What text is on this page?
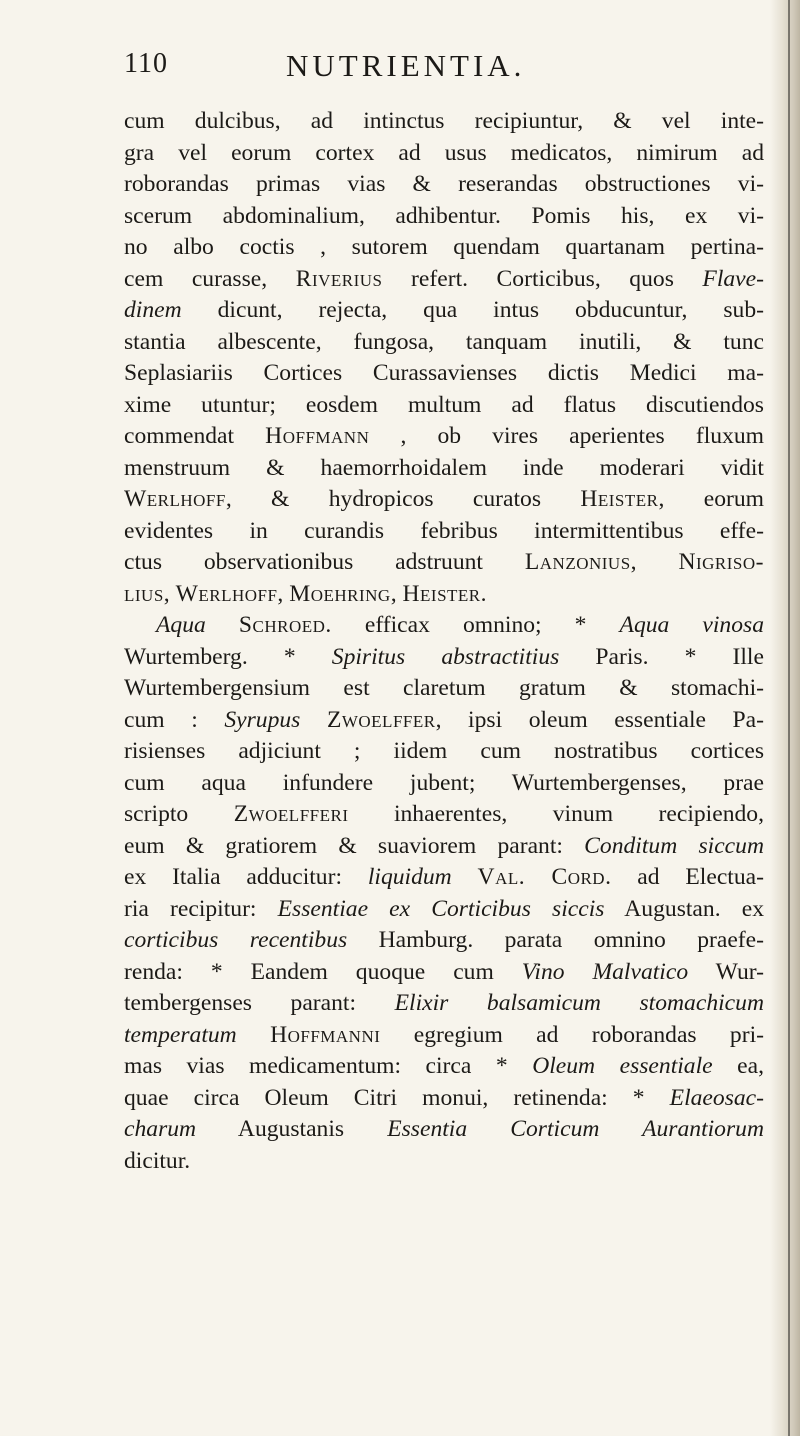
110	NUTRIENTIA.
cum dulcibus, ad intinctus recipiuntur, & vel inte-
gra vel eorum cortex ad usus medicatos, nimirum ad
roborandas primas vias & reserandas obstructiones vi-
scerum abdominalium, adhibentur. Pomis his, ex vi-
no albo coctis , sutorem quendam quartanam pertina-
cem curasse, Riverius refert. Corticibus, quos Flave-
dinem dicunt, rejecta, qua intus obducuntur, sub-
stantia albescente, fungosa, tanquam inutili, & tunc
Seplasiariis Cortices Curassavienses dictis Medici ma-
xime utuntur; eosdem multum ad flatus discutiendos
commendat Hoffmann , ob vires aperientes fluxum
menstruum & haemorrhoidalem inde moderari vidit
Werlhoff, & hydropicos curatos Heister, eorum
evidentes in curandis febribus intermittentibus effe-
ctus observationibus adstruunt Lanzonius, Nigriso-
lius, Werlhoff, Moehring, Heister.
Aqua Schroed. efficax omnino; * Aqua vinosa
Wurtemberg. * Spiritus abstractitius Paris. * Ille
Wurtembergensium est claretum gratum & stomachi-
cum : Syrupus Zwoelffer, ipsi oleum essentiale Pa-
risienses adjiciunt ; iidem cum nostratibus cortices
cum aqua infundere jubent; Wurtembergenses, prae
scripto Zwoelfferi inhaerentes, vinum recipiendo,
eum & gratiorem & suaviorem parant: Conditum siccum
ex Italia adducitur: liquidum Val. Cord. ad Electua-
ria recipitur: Essentiae ex Corticibus siccis Augustan. ex
corticibus recentibus Hamburg. parata omnino praefe-
renda: * Eandem quoque cum Vino Malvatico Wur-
tembergenses parant: Elixir balsamicum stomachicum
temperatum Hoffmanni egregium ad roborandas pri-
mas vias medicamentum: circa * Oleum essentiale ea,
quae circa Oleum Citri monui, retinenda: * Elaeosac-
charum Augustanis Essentia Corticum Aurantiorum
dicitur.
